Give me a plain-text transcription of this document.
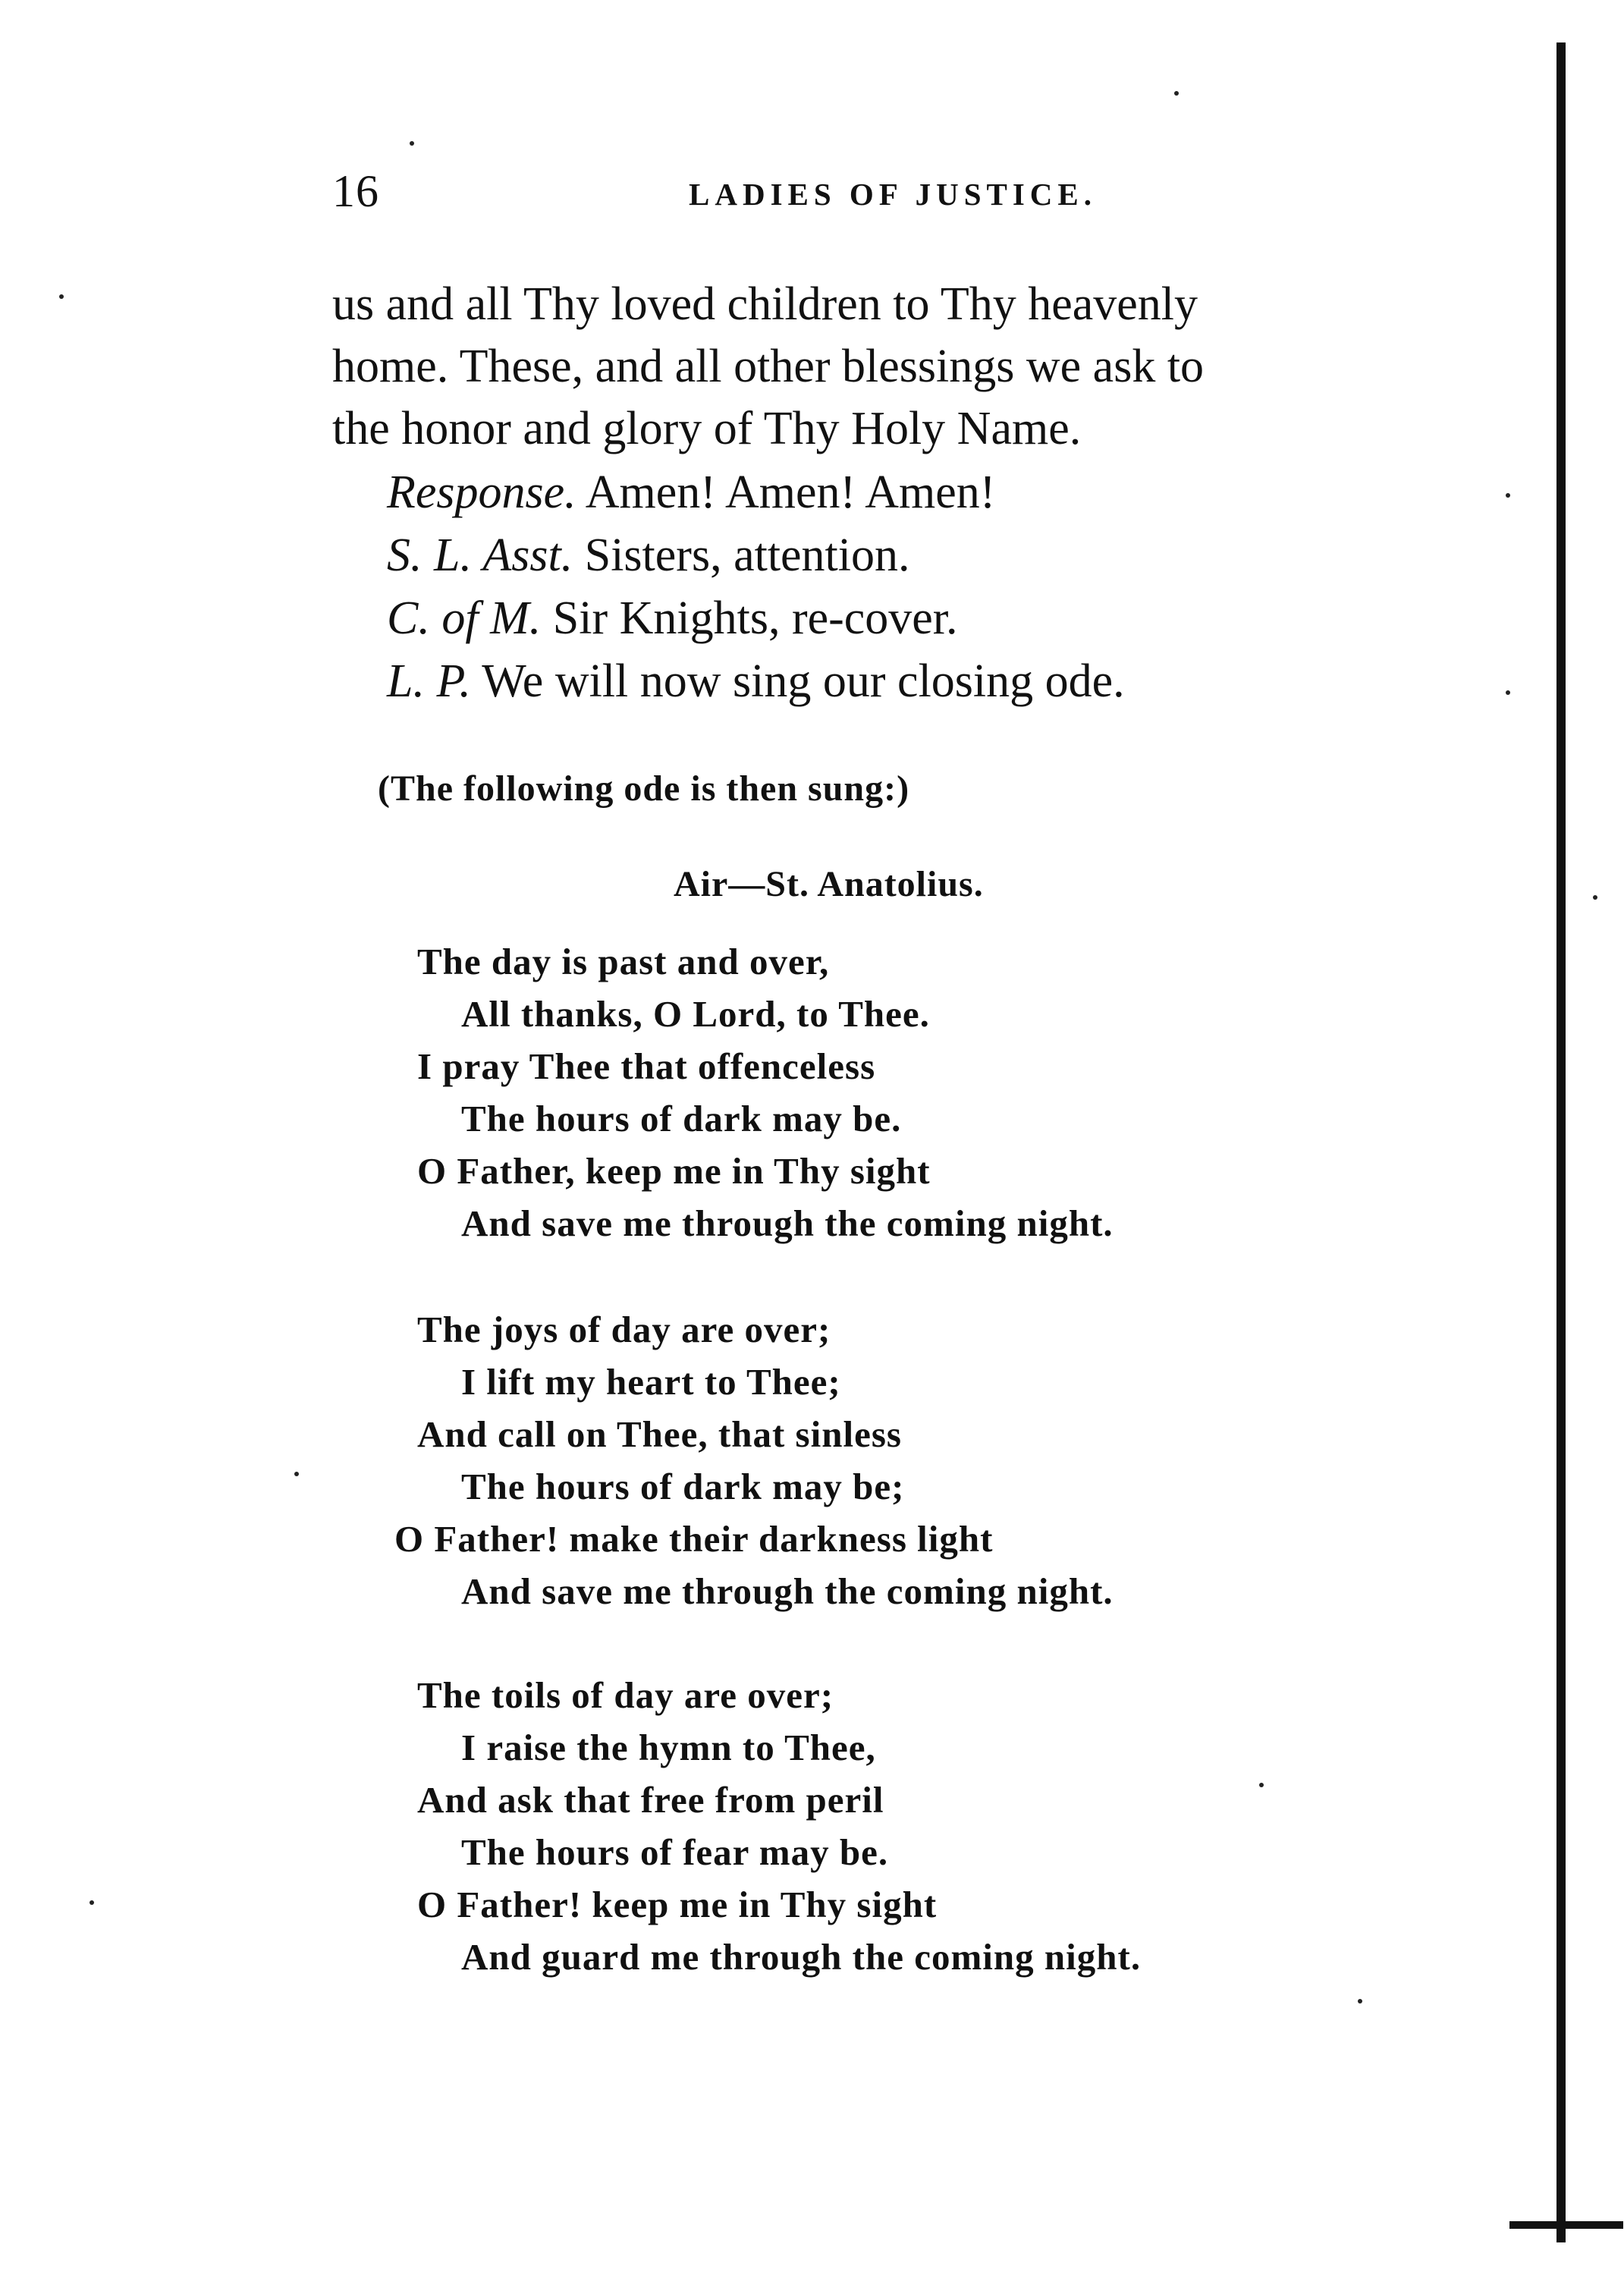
16	LADIES OF JUSTICE.

us and all Thy loved children to Thy heavenly

home. These, and all other blessings we ask to

the honor and glory of Thy Holy Name.

Response. Amen! Amen! Amen!

S. L. Asst. Sisters, attention.

C. of M. Sir Knights, re-cover.

L. P. We will now sing our closing ode.

(The following ode is then sung:)
Air—St. Anatolius.

The day is past and over,

All thanks, O Lord, to Thee.

I pray Thee that offenceless

The hours of dark may be.

O Father, keep me in Thy sight

And save me through the coming night.

The joys of day are over;

I lift my heart to Thee;

And call on Thee, that sinless

The hours of dark may be;

O Father! make their darkness light

And save me through the coming night.

The toils of day are over;

I raise the hymn to Thee,

And ask that free from peril

The hours of fear may be.

O Father! keep me in Thy sight

And guard me through the coming night.
